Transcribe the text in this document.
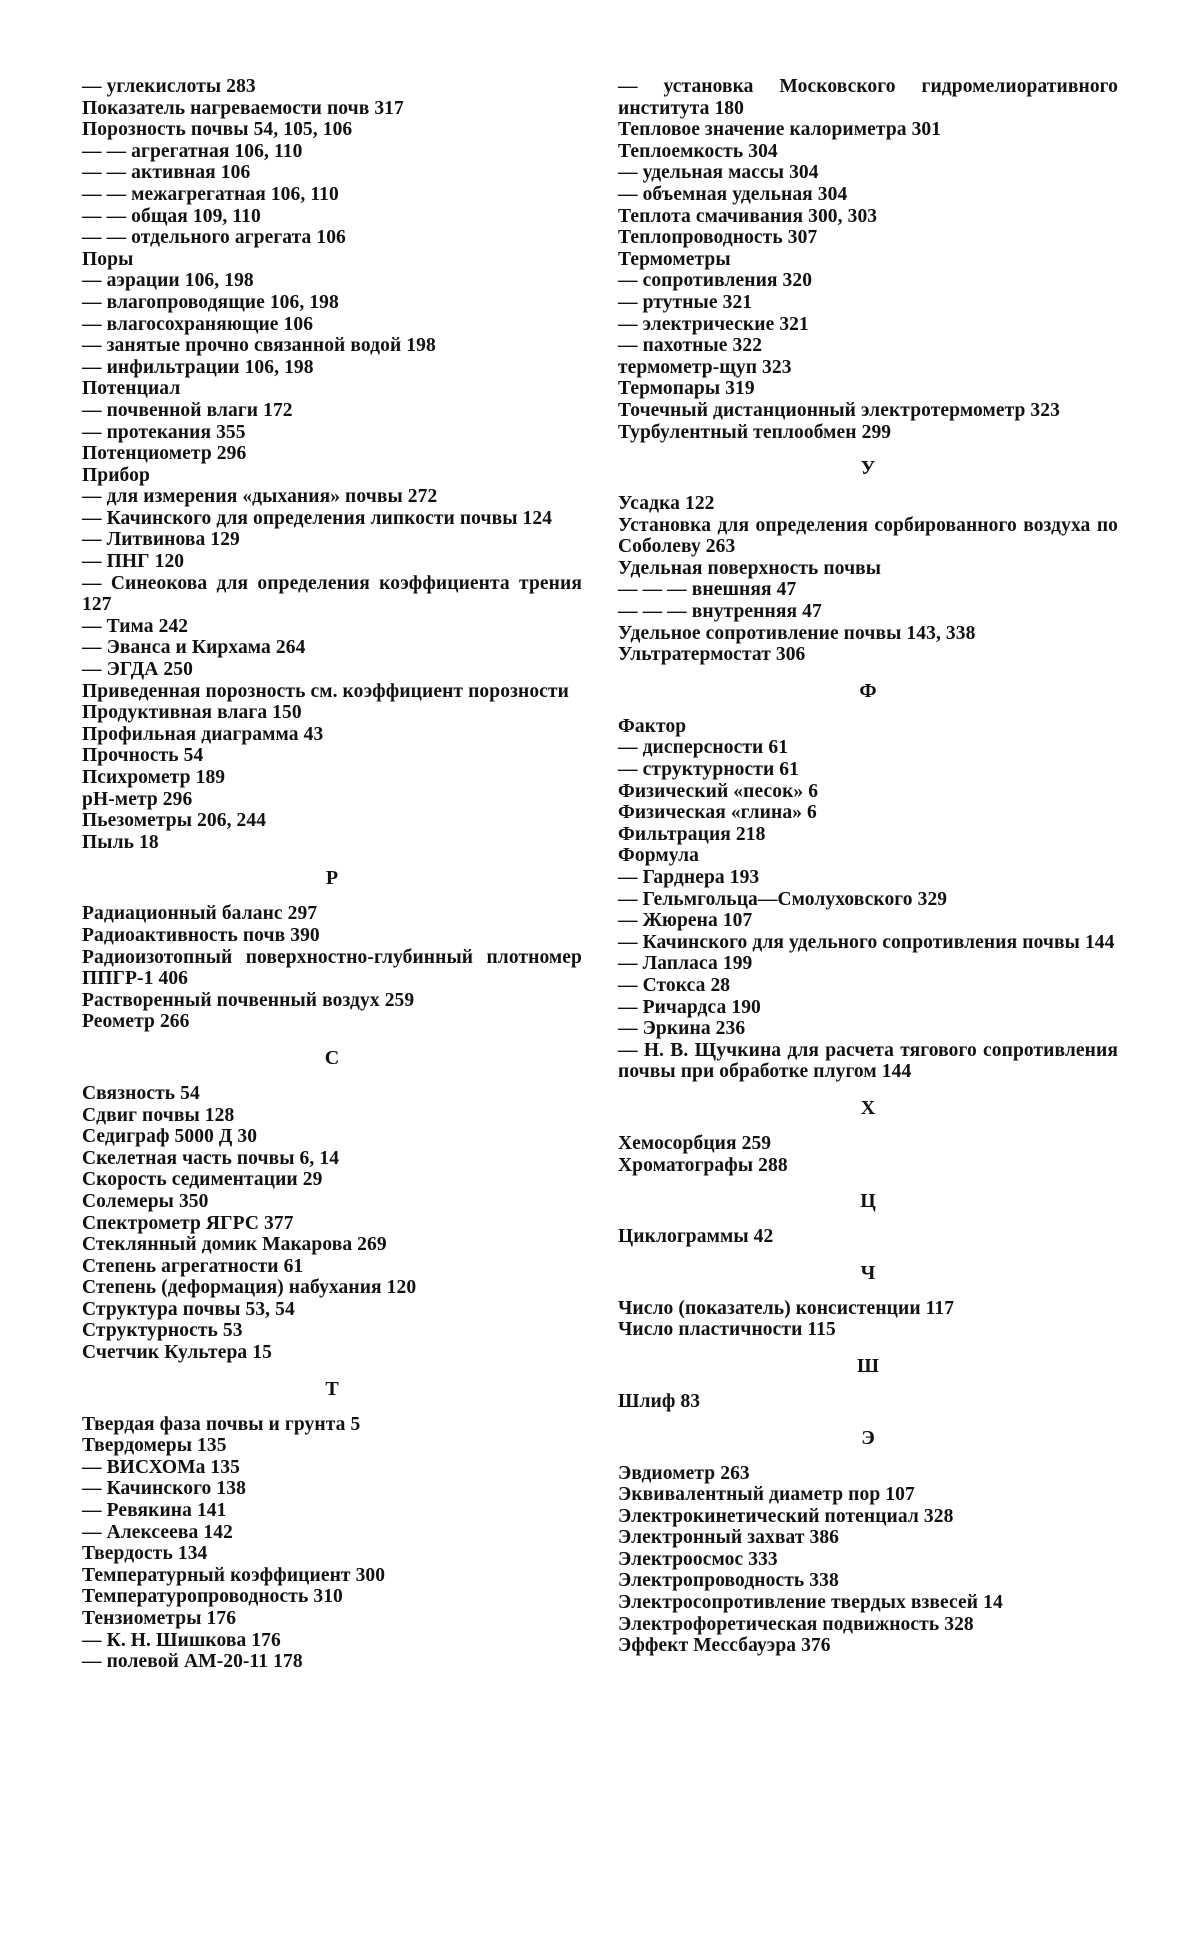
— углекислоты 283
Показатель нагреваемости почв 317
Порозность почвы 54, 105, 106
— — агрегатная 106, 110
— — активная 106
— — межагрегатная 106, 110
— — общая 109, 110
— — отдельного агрегата 106
Поры
— аэрации 106, 198
— влагопроводящие 106, 198
— влагосохраняющие 106
— занятые прочно связанной водой 198
— инфильтрации 106, 198
Потенциал
— почвенной влаги 172
— протекания 355
Потенциометр 296
Прибор
— для измерения «дыхания» почвы 272
— Качинского для определения липкости почвы 124
— Литвинова 129
— ПНГ 120
— Синеокова для определения коэффициента трения 127
— Тима 242
— Эванса и Кирхама 264
— ЭГДА 250
Приведенная порозность см. коэффициент порозности
Продуктивная влага 150
Профильная диаграмма 43
Прочность 54
Психрометр 189
pH-метр 296
Пьезометры 206, 244
Пыль 18
Р
Радиационный баланс 297
Радиоактивность почв 390
Радиоизотопный поверхностно-глубинный плотномер ППГР-1 406
Растворенный почвенный воздух 259
Реометр 266
С
Связность 54
Сдвиг почвы 128
Седиграф 5000 Д 30
Скелетная часть почвы 6, 14
Скорость седиментации 29
Солемеры 350
Спектрометр ЯГРС 377
Стеклянный домик Макарова 269
Степень агрегатности 61
Степень (деформация) набухания 120
Структура почвы 53, 54
Структурность 53
Счетчик Культера 15
Т
Твердая фаза почвы и грунта 5
Твердомеры 135
— ВИСХОМа 135
— Качинского 138
— Ревякина 141
— Алексеева 142
Твердость 134
Температурный коэффициент 300
Температуропроводность 310
Тензиометры 176
— К. Н. Шишкова 176
— полевой АМ-20-11 178
— установка Московского гидромелиоративного института 180
Тепловое значение калориметра 301
Теплоемкость 304
— удельная массы 304
— объемная удельная 304
Теплота смачивания 300, 303
Теплопроводность 307
Термометры
— сопротивления 320
— ртутные 321
— электрические 321
— пахотные 322
термометр-щуп 323
Термопары 319
Точечный дистанционный электротермометр 323
Турбулентный теплообмен 299
У
Усадка 122
Установка для определения сорбированного воздуха по Соболеву 263
Удельная поверхность почвы
— — — внешняя 47
— — — внутренняя 47
Удельное сопротивление почвы 143, 338
Ультратермостат 306
Ф
Фактор
— дисперсности 61
— структурности 61
Физический «песок» 6
Физическая «глина» 6
Фильтрация 218
Формула
— Гарднера 193
— Гельмгольца—Смолуховского 329
— Жюрена 107
— Качинского для удельного сопротивления почвы 144
— Лапласа 199
— Стокса 28
— Ричардса 190
— Эркина 236
— Н. В. Щучкина для расчета тягового сопротивления почвы при обработке плугом 144
Х
Хемосорбция 259
Хроматографы 288
Ц
Циклограммы 42
Ч
Число (показатель) консистенции 117
Число пластичности 115
Ш
Шлиф 83
Э
Эвдиометр 263
Эквивалентный диаметр пор 107
Электрокинетический потенциал 328
Электронный захват 386
Электроосмос 333
Электропроводность 338
Электросопротивление твердых взвесей 14
Электрофоретическая подвижность 328
Эффект Мессбауэра 376
